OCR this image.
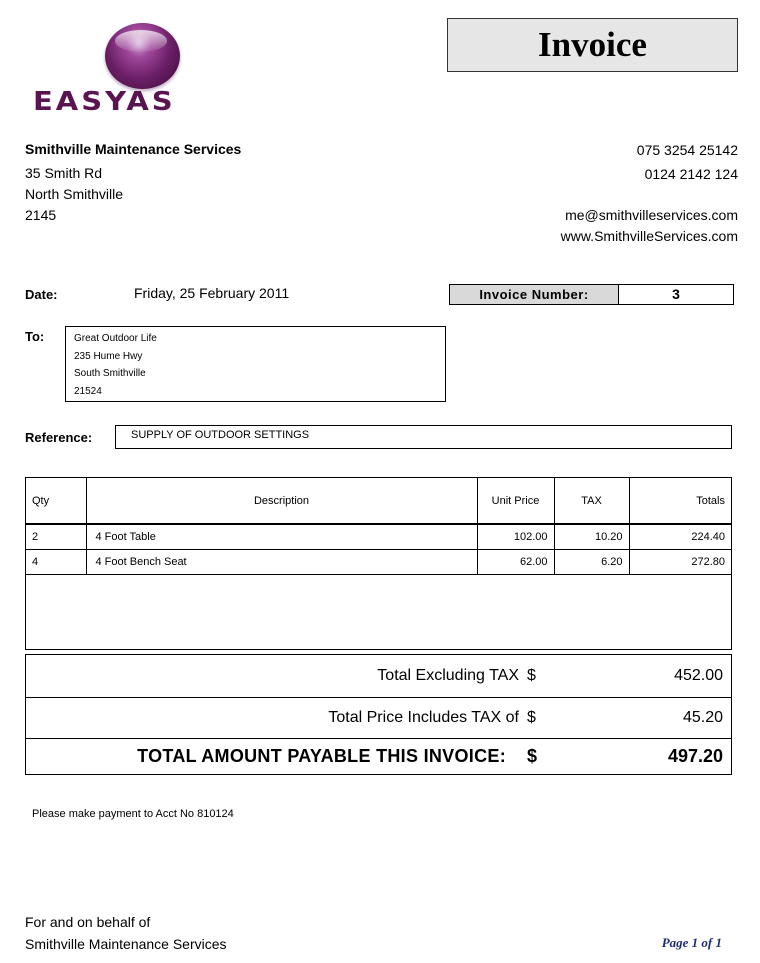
EASYAS
Invoice
Smithville Maintenance Services
35 Smith Rd
North Smithville
2145
075 3254 25142
0124 2142 124
me@smithvilleservices.com
www.SmithvilleServices.com
Date:	Friday, 25 February 2011	Invoice Number:	3
To:	Great Outdoor Life
235 Hume Hwy
South Smithville
21524
Reference:	SUPPLY OF OUTDOOR SETTINGS
Qty	Description	Unit Price	TAX	Totals
2	4 Foot Table	102.00	10.20	224.40
4	4 Foot Bench Seat	62.00	6.20	272.80
Total Excluding TAX $	452.00
Total Price Includes TAX of $	45.20
TOTAL AMOUNT PAYABLE THIS INVOICE: $	497.20
Please make payment to Acct No 810124
For and on behalf of
Smithville Maintenance Services	Page 1 of 1
